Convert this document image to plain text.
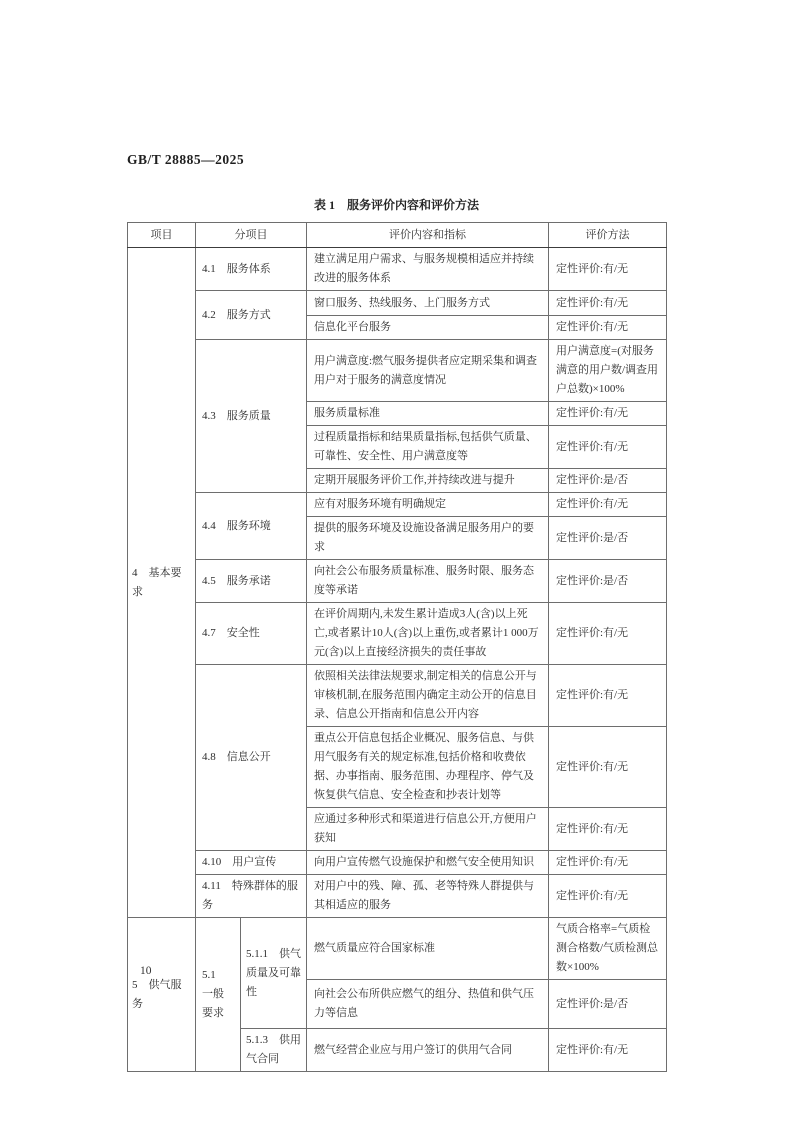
GB/T 28885—2025
表 1　服务评价内容和评价方法
项目	分项目		评价内容和指标	评价方法
4　基本要求	4.1　服务体系		建立满足用户需求、与服务规模相适应并持续改进的服务体系	定性评价:有/无
	4.2　服务方式		窗口服务、热线服务、上门服务方式	定性评价:有/无
			信息化平台服务	定性评价:有/无
	4.3　服务质量		用户满意度:燃气服务提供者应定期采集和调查用户对于服务的满意度情况	用户满意度=(对服务满意的用户数/调查用户总数)×100%
			服务质量标准	定性评价:有/无
			过程质量指标和结果质量指标,包括供气质量、可靠性、安全性、用户满意度等	定性评价:有/无
			定期开展服务评价工作,并持续改进与提升	定性评价:是/否
	4.4　服务环境		应有对服务环境有明确规定	定性评价:有/无
			提供的服务环境及设施设备满足服务用户的要求	定性评价:是/否
	4.5　服务承诺		向社会公布服务质量标准、服务时限、服务态度等承诺	定性评价:是/否
	4.7　安全性		在评价周期内,未发生累计造成3人(含)以上死亡,或者累计10人(含)以上重伤,或者累计1 000万元(含)以上直接经济损失的责任事故	定性评价:有/无
	4.8　信息公开		依照相关法律法规要求,制定相关的信息公开与审核机制,在服务范围内确定主动公开的信息目录、信息公开指南和信息公开内容	定性评价:有/无
			重点公开信息包括企业概况、服务信息、与供用气服务有关的规定标准,包括价格和收费依据、办事指南、服务范围、办理程序、停气及恢复供气信息、安全检查和抄表计划等	定性评价:有/无
			应通过多种形式和渠道进行信息公开,方便用户获知	定性评价:有/无
	4.10　用户宣传		向用户宣传燃气设施保护和燃气安全使用知识	定性评价:有/无
	4.11　特殊群体的服务		对用户中的残、障、孤、老等特殊人群提供与其相适应的服务	定性评价:有/无
5　供气服务	5.1　一般要求	5.1.1　供气质量及可靠性	燃气质量应符合国家标准	气质合格率=气质检测合格数/气质检测总数×100%
			向社会公布所供应燃气的组分、热值和供气压力等信息	定性评价:是/否
		5.1.3　供用气合同	燃气经营企业应与用户签订的供用气合同	定性评价:有/无
10
